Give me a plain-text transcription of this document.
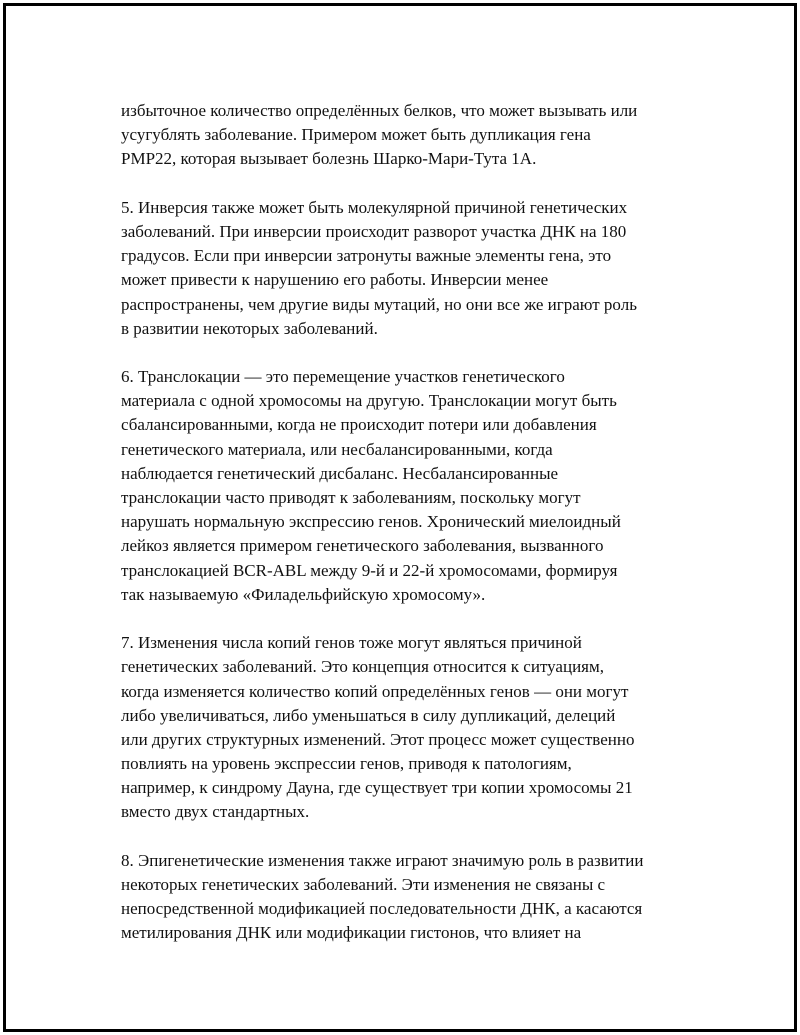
избыточное количество определённых белков, что может вызывать или
усугублять заболевание. Примером может быть дупликация гена
PMP22, которая вызывает болезнь Шарко-Мари-Тута 1A.

5. Инверсия также может быть молекулярной причиной генетических
заболеваний. При инверсии происходит разворот участка ДНК на 180
градусов. Если при инверсии затронуты важные элементы гена, это
может привести к нарушению его работы. Инверсии менее
распространены, чем другие виды мутаций, но они все же играют роль
в развитии некоторых заболеваний.

6. Транслокации — это перемещение участков генетического
материала с одной хромосомы на другую. Транслокации могут быть
сбалансированными, когда не происходит потери или добавления
генетического материала, или несбалансированными, когда
наблюдается генетический дисбаланс. Несбалансированные
транслокации часто приводят к заболеваниям, поскольку могут
нарушать нормальную экспрессию генов. Хронический миелоидный
лейкоз является примером генетического заболевания, вызванного
транслокацией BCR-ABL между 9-й и 22-й хромосомами, формируя
так называемую «Филадельфийскую хромосому».

7. Изменения числа копий генов тоже могут являться причиной
генетических заболеваний. Это концепция относится к ситуациям,
когда изменяется количество копий определённых генов — они могут
либо увеличиваться, либо уменьшаться в силу дупликаций, делеций
или других структурных изменений. Этот процесс может существенно
повлиять на уровень экспрессии генов, приводя к патологиям,
например, к синдрому Дауна, где существует три копии хромосомы 21
вместо двух стандартных.

8. Эпигенетические изменения также играют значимую роль в развитии
некоторых генетических заболеваний. Эти изменения не связаны с
непосредственной модификацией последовательности ДНК, а касаются
метилирования ДНК или модификации гистонов, что влияет на
